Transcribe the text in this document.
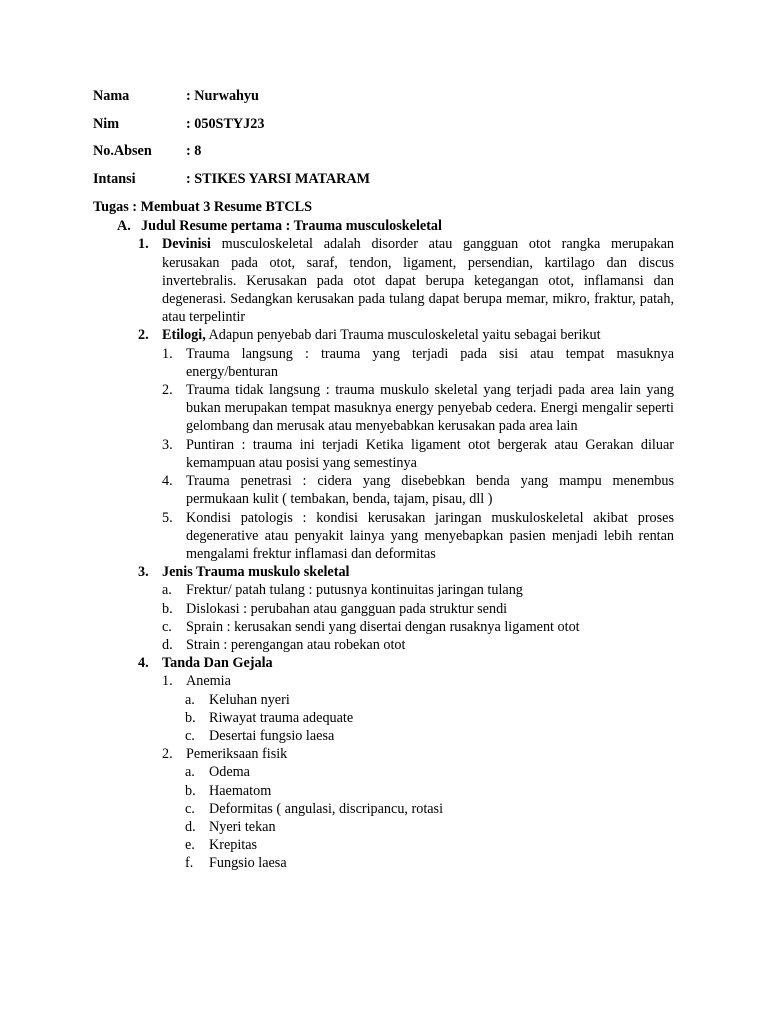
Nama	: Nurwahyu
Nim	: 050STYJ23
No.Absen	: 8
Intansi	: STIKES YARSI MATARAM
Tugas : Membuat 3 Resume BTCLS
A. Judul Resume pertama : Trauma musculoskeletal
1. Devinisi musculoskeletal adalah disorder atau gangguan otot rangka merupakan kerusakan pada otot, saraf, tendon, ligament, persendian, kartilago dan discus invertebralis. Kerusakan pada otot dapat berupa ketegangan otot, inflamansi dan degenerasi. Sedangkan kerusakan pada tulang dapat berupa memar, mikro, fraktur, patah, atau terpelintir
2. Etilogi, Adapun penyebab dari Trauma musculoskeletal yaitu sebagai berikut
1. Trauma langsung : trauma yang terjadi pada sisi atau tempat masuknya energy/benturan
2. Trauma tidak langsung : trauma muskulo skeletal yang terjadi pada area lain yang bukan merupakan tempat masuknya energy penyebab cedera. Energi mengalir seperti gelombang dan merusak atau menyebabkan kerusakan pada area lain
3. Puntiran : trauma ini terjadi Ketika ligament otot bergerak atau Gerakan diluar kemampuan atau posisi yang semestinya
4. Trauma penetrasi : cidera yang disebebkan benda yang mampu menembus permukaan kulit ( tembakan, benda, tajam, pisau, dll )
5. Kondisi patologis : kondisi kerusakan jaringan muskuloskeletal akibat proses degenerative atau penyakit lainya yang menyebapkan pasien menjadi lebih rentan mengalami frektur inflamasi dan deformitas
3. Jenis Trauma muskulo skeletal
a. Frektur/ patah tulang : putusnya kontinuitas jaringan tulang
b. Dislokasi : perubahan atau gangguan pada struktur sendi
c. Sprain : kerusakan sendi yang disertai dengan rusaknya ligament otot
d. Strain : perengangan atau robekan otot
4. Tanda Dan Gejala
1. Anemia
a. Keluhan nyeri
b. Riwayat trauma adequate
c. Desertai fungsio laesa
2. Pemeriksaan fisik
a. Odema
b. Haematom
c. Deformitas ( angulasi, discripancu, rotasi
d. Nyeri tekan
e. Krepitas
f.	Fungsio laesa
